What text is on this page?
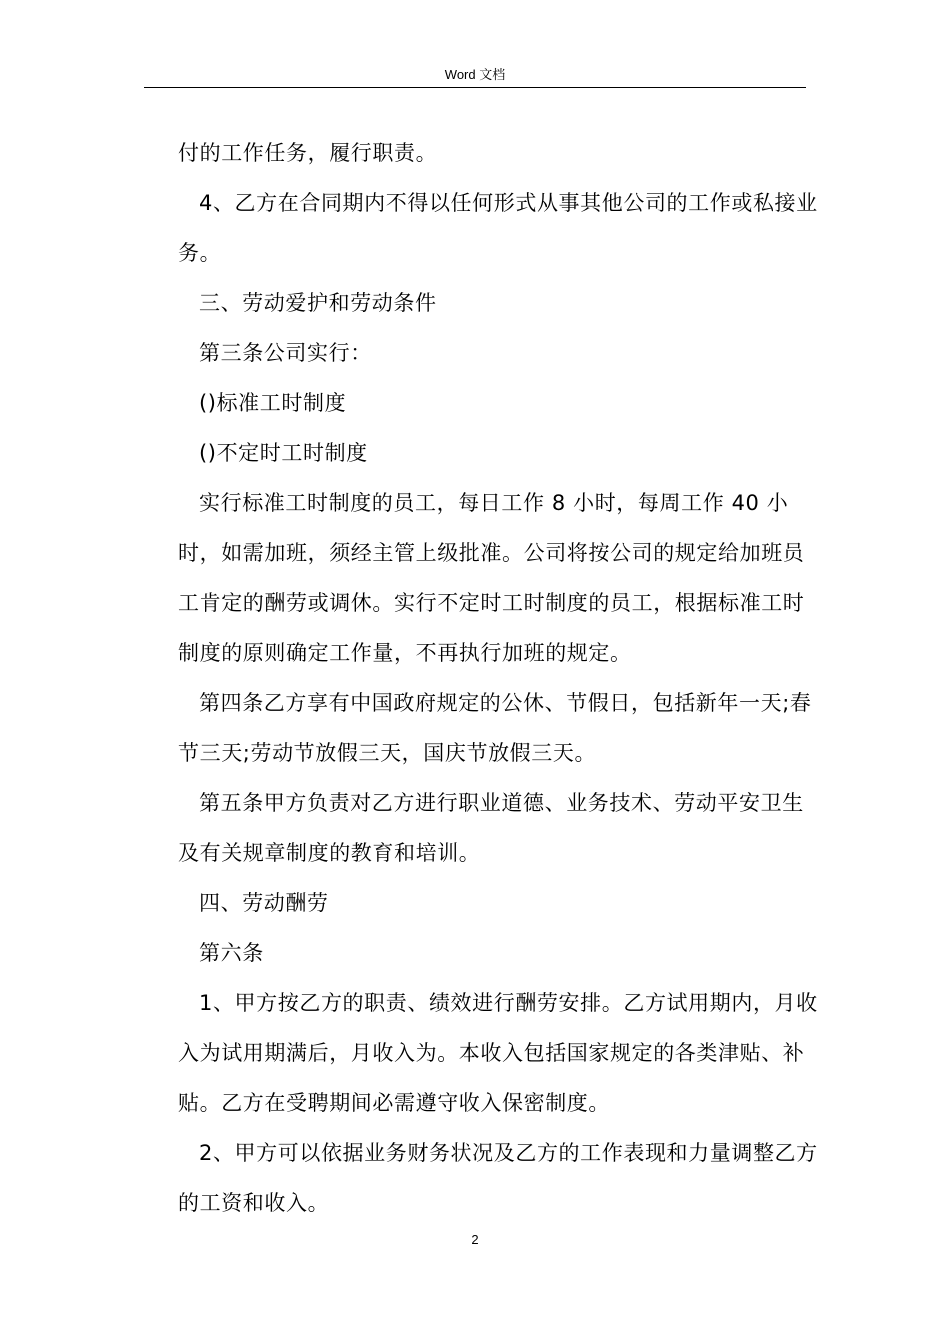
Word 文档

付的工作任务，履行职责。

4、乙方在合同期内不得以任何形式从事其他公司的工作或私接业务。

三、劳动爱护和劳动条件

第三条公司实行：

()标准工时制度

()不定时工时制度

实行标准工时制度的员工，每日工作 8 小时，每周工作 40 小时，如需加班，须经主管上级批准。公司将按公司的规定给加班员工肯定的酬劳或调休。实行不定时工时制度的员工，根据标准工时制度的原则确定工作量，不再执行加班的规定。

第四条乙方享有中国政府规定的公休、节假日，包括新年一天;春节三天;劳动节放假三天，国庆节放假三天。

第五条甲方负责对乙方进行职业道德、业务技术、劳动平安卫生及有关规章制度的教育和培训。

四、劳动酬劳

第六条

1、甲方按乙方的职责、绩效进行酬劳安排。乙方试用期内，月收入为试用期满后，月收入为。本收入包括国家规定的各类津贴、补贴。乙方在受聘期间必需遵守收入保密制度。

2、甲方可以依据业务财务状况及乙方的工作表现和力量调整乙方的工资和收入。

2
